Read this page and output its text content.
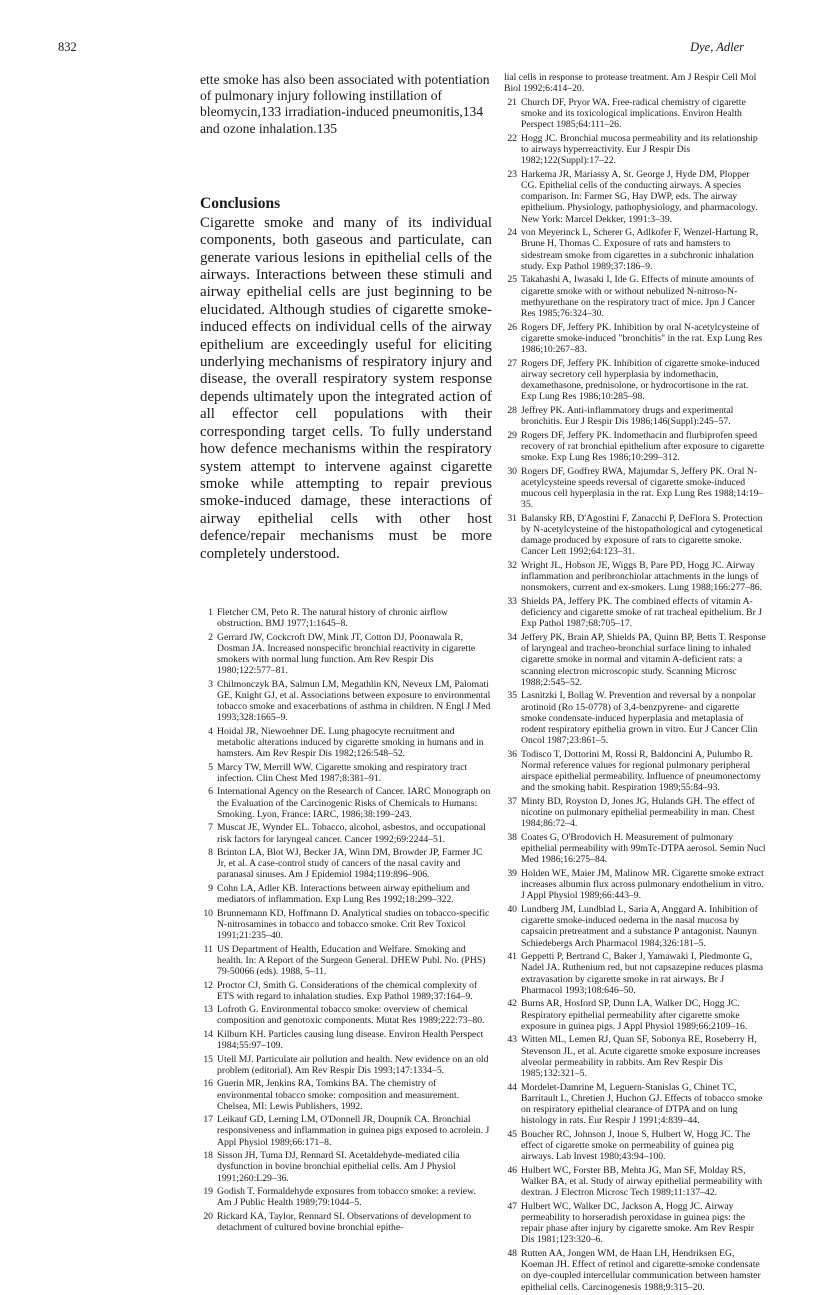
832	Dye, Adler

ette smoke has also been associated with potentiation of pulmonary injury following instillation of bleomycin,133 irradiation-induced pneumonitis,134 and ozone inhalation.135

Conclusions

Cigarette smoke and many of its individual components, both gaseous and particulate, can generate various lesions in epithelial cells of the airways. Interactions between these stimuli and airway epithelial cells are just beginning to be elucidated. Although studies of cigarette smoke-induced effects on individual cells of the airway epithelium are exceedingly useful for eliciting underlying mechanisms of respiratory injury and disease, the overall respiratory system response depends ultimately upon the integrated action of all effector cell populations with their corresponding target cells. To fully understand how defence mechanisms within the respiratory system attempt to intervene against cigarette smoke while attempting to repair previous smoke-induced damage, these interactions of airway epithelial cells with other host defence/repair mechanisms must be more completely understood.

1 Fletcher CM, Peto R. The natural history of chronic airflow obstruction. BMJ 1977;1:1645–8.

2 Gerrard JW, Cockcroft DW, Mink JT, Cotton DJ, Poonawala R, Dosman JA. Increased nonspecific bronchial reactivity in cigarette smokers with normal lung function. Am Rev Respir Dis 1980;122:577–81.

3 Chilmonczyk BA, Salmun LM, Megathlin KN, Neveux LM, Palomati GE, Knight GJ, et al. Associations between exposure to environmental tobacco smoke and exacerbations of asthma in children. N Engl J Med 1993;328:1665–9.

4 Hoidal JR, Niewoehner DE. Lung phagocyte recruitment and metabolic alterations induced by cigarette smoking in humans and in hamsters. Am Rev Respir Dis 1982;126:548–52.

5 Marcy TW, Merrill WW. Cigarette smoking and respiratory tract infection. Clin Chest Med 1987;8:381–91.

6 International Agency on the Research of Cancer. IARC Monograph on the Evaluation of the Carcinogenic Risks of Chemicals to Humans: Smoking. Lyon, France: IARC, 1986;38:199–243.

7 Muscat JE, Wynder EL. Tobacco, alcohol, asbestos, and occupational risk factors for laryngeal cancer. Cancer 1992;69:2244–51.

8 Brinton LA, Blot WJ, Becker JA, Winn DM, Browder JP, Farmer JC Jr, et al. A case-control study of cancers of the nasal cavity and paranasal sinuses. Am J Epidemiol 1984;119:896–906.

9 Cohn LA, Adler KB. Interactions between airway epithelium and mediators of inflammation. Exp Lung Res 1992;18:299–322.

10 Brunnemann KD, Hoffmann D. Analytical studies on tobacco-specific N-nitrosamines in tobacco and tobacco smoke. Crit Rev Toxicol 1991;21:235–40.

11 US Department of Health, Education and Welfare. Smoking and health. In: A Report of the Surgeon General. DHEW Publ. No. (PHS) 79-50066 (eds). 1988, 5–11.

12 Proctor CJ, Smith G. Considerations of the chemical complexity of ETS with regard to inhalation studies. Exp Pathol 1989;37:164–9.

13 Lofroth G. Environmental tobacco smoke: overview of chemical composition and genotoxic components. Mutat Res 1989;222:73–80.

14 Kilburn KH. Particles causing lung disease. Environ Health Perspect 1984;55:97–109.

15 Utell MJ. Particulate air pollution and health. New evidence on an old problem (editorial). Am Rev Respir Dis 1993;147:1334–5.

16 Guerin MR, Jenkins RA, Tomkins BA. The chemistry of environmental tobacco smoke: composition and measurement. Chelsea, MI: Lewis Publishers, 1992.

17 Leikauf GD, Leming LM, O'Donnell JR, Doupnik CA. Bronchial responsiveness and inflammation in guinea pigs exposed to acrolein. J Appl Physiol 1989;66:171–8.

18 Sisson JH, Tuma DJ, Rennard SI. Acetaldehyde-mediated cilia dysfunction in bovine bronchial epithelial cells. Am J Physiol 1991;260:L29–36.

19 Godish T. Formaldehyde exposures from tobacco smoke: a review. Am J Public Health 1989;79:1044–5.

20 Rickard KA, Taylor, Rennard SI. Observations of development to detachment of cultured bovine bronchial epithe-

lial cells in response to protease treatment. Am J Respir Cell Mol Biol 1992;6:414–20.

21 Church DF, Pryor WA. Free-radical chemistry of cigarette smoke and its toxicological implications. Environ Health Perspect 1985;64:111–26.

22 Hogg JC. Bronchial mucosa permeability and its relationship to airways hyperreactivity. Eur J Respir Dis 1982;122(Suppl):17–22.

23 Harkema JR, Mariassy A, St. George J, Hyde DM, Plopper CG. Epithelial cells of the conducting airways. A species comparison. In: Farmer SG, Hay DWP, eds. The airway epithelium. Physiology, pathophysiology, and pharmacology. New York: Marcel Dekker, 1991:3–39.

24 von Meyerinck L, Scherer G, Adlkofer F, Wenzel-Hartung R, Brune H, Thomas C. Exposure of rats and hamsters to sidestream smoke from cigarettes in a subchronic inhalation study. Exp Pathol 1989;37:186–9.

25 Takahashi A, Iwasaki I, Ide G. Effects of minute amounts of cigarette smoke with or without nebulized N-nitroso-N-methyurethane on the respiratory tract of mice. Jpn J Cancer Res 1985;76:324–30.

26 Rogers DF, Jeffery PK. Inhibition by oral N-acetylcysteine of cigarette smoke-induced "bronchitis" in the rat. Exp Lung Res 1986;10:267–83.

27 Rogers DF, Jeffery PK. Inhibition of cigarette smoke-induced airway secretory cell hyperplasia by indomethacin, dexamethasone, prednisolone, or hydrocortisone in the rat. Exp Lung Res 1986;10:285–98.

28 Jeffrey PK. Anti-inflammatory drugs and experimental bronchitis. Eur J Respir Dis 1986;146(Suppl):245–57.

29 Rogers DF, Jeffery PK. Indomethacin and flurbiprofen speed recovery of rat bronchial epithelium after exposure to cigarette smoke. Exp Lung Res 1986;10:299–312.

30 Rogers DF, Godfrey RWA, Majumdar S, Jeffery PK. Oral N-acetylcysteine speeds reversal of cigarette smoke-induced mucous cell hyperplasia in the rat. Exp Lung Res 1988;14:19–35.

31 Balansky RB, D'Agostini F, Zanacchi P, DeFlora S. Protection by N-acetylcysteine of the histopathological and cytogenetical damage produced by exposure of rats to cigarette smoke. Cancer Lett 1992;64:123–31.

32 Wright JL, Hobson JE, Wiggs B, Pare PD, Hogg JC. Airway inflammation and peribronchiolar attachments in the lungs of nonsmokers, current and ex-smokers. Lung 1988;166:277–86.

33 Shields PA, Jeffery PK. The combined effects of vitamin A-deficiency and cigarette smoke of rat tracheal epithelium. Br J Exp Pathol 1987;68:705–17.

34 Jeffery PK, Brain AP, Shields PA, Quinn BP, Betts T. Response of laryngeal and tracheo-bronchial surface lining to inhaled cigarette smoke in normal and vitamin A-deficient rats: a scanning electron microscopic study. Scanning Microsc 1988;2:545–52.

35 Lasnitzki I, Bollag W. Prevention and reversal by a nonpolar arotinoid (Ro 15-0778) of 3,4-benzpyrene- and cigarette smoke condensate-induced hyperplasia and metaplasia of rodent respiratory epithelia grown in vitro. Eur J Cancer Clin Oncol 1987;23:861–5.

36 Todisco T, Dottorini M, Rossi R, Baldoncini A, Pulumbo R. Normal reference values for regional pulmonary peripheral airspace epithelial permeability. Influence of pneumonectomy and the smoking habit. Respiration 1989;55:84–93.

37 Minty BD, Royston D, Jones JG, Hulands GH. The effect of nicotine on pulmonary epithelial permeability in man. Chest 1984;86:72–4.

38 Coates G, O'Brodovich H. Measurement of pulmonary epithelial permeability with 99mTc-DTPA aerosol. Semin Nucl Med 1986;16:275–84.

39 Holden WE, Maier JM, Malinow MR. Cigarette smoke extract increases albumin flux across pulmonary endothelium in vitro. J Appl Physiol 1989;66:443–9.

40 Lundberg JM, Lundblad L, Saria A, Anggard A. Inhibition of cigarette smoke-induced oedema in the nasal mucosa by capsaicin pretreatment and a substance P antagonist. Naunyn Schiedebergs Arch Pharmacol 1984;326:181–5.

41 Geppetti P, Bertrand C, Baker J, Yamawaki I, Piedmonte G, Nadel JA. Ruthenium red, but not capsazepine reduces plasma extravasation by cigarette smoke in rat airways. Br J Pharmacol 1993;108:646–50.

42 Burns AR, Hosford SP, Dunn LA, Walker DC, Hogg JC. Respiratory epithelial permeability after cigarette smoke exposure in guinea pigs. J Appl Physiol 1989;66:2109–16.

43 Witten ML, Lemen RJ, Quan SF, Sobonya RE, Roseberry H, Stevenson JL, et al. Acute cigarette smoke exposure increases alveolar permeability in rabbits. Am Rev Respir Dis 1985;132:321–5.

44 Mordelet-Damrine M, Leguern-Stanislas G, Chinet TC, Barritault L, Chretien J, Huchon GJ. Effects of tobacco smoke on respiratory epithelial clearance of DTPA and on lung histology in rats. Eur Respir J 1991;4:839–44.

45 Boucher RC, Johnson J, Inoue S, Hulbert W, Hogg JC. The effect of cigarette smoke on permeability of guinea pig airways. Lab Invest 1980;43:94–100.

46 Hulbert WC, Forster BB, Mehta JG, Man SF, Molday RS, Walker BA, et al. Study of airway epithelial permeability with dextran. J Electron Microsc Tech 1989;11:137–42.

47 Hulbert WC, Walker DC, Jackson A, Hogg JC. Airway permeability to horseradish peroxidase in guinea pigs: the repair phase after injury by cigarette smoke. Am Rev Respir Dis 1981;123:320–6.

48 Rutten AA, Jongen WM, de Haan LH, Hendriksen EG, Koeman JH. Effect of retinol and cigarette-smoke condensate on dye-coupled intercellular communication between hamster epithelial cells. Carcinogenesis 1988;9:315–20.
